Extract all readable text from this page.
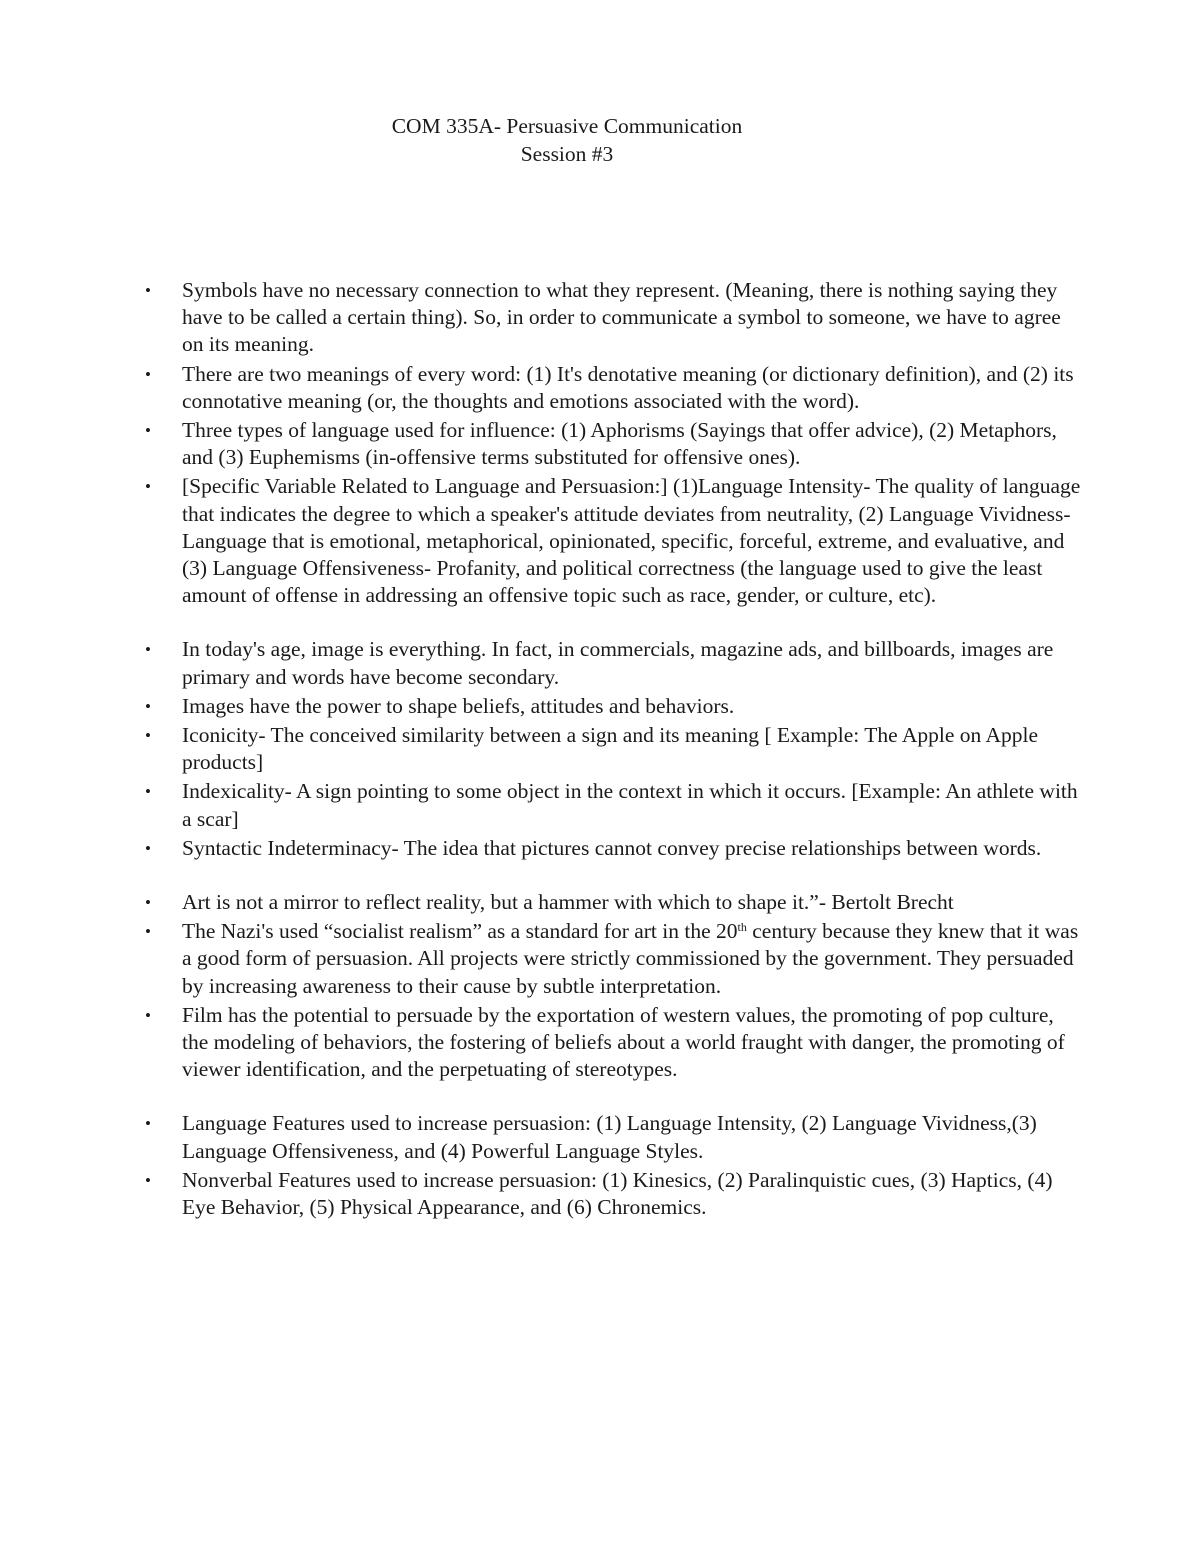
COM 335A- Persuasive Communication
Session #3
• Symbols have no necessary connection to what they represent. (Meaning, there is nothing saying they have to be called a certain thing). So, in order to communicate a symbol to someone, we have to agree on its meaning.
• There are two meanings of every word: (1) It's denotative meaning (or dictionary definition), and (2) its connotative meaning (or, the thoughts and emotions associated with the word).
• Three types of language used for influence: (1) Aphorisms (Sayings that offer advice), (2) Metaphors, and (3) Euphemisms (in-offensive terms substituted for offensive ones).
• [Specific Variable Related to Language and Persuasion:] (1)Language Intensity- The quality of language that indicates the degree to which a speaker's attitude deviates from neutrality, (2) Language Vividness- Language that is emotional, metaphorical, opinionated, specific, forceful, extreme, and evaluative, and (3) Language Offensiveness- Profanity, and political correctness (the language used to give the least amount of offense in addressing an offensive topic such as race, gender, or culture, etc).
• In today's age, image is everything. In fact, in commercials, magazine ads, and billboards, images are primary and words have become secondary.
• Images have the power to shape beliefs, attitudes and behaviors.
• Iconicity- The conceived similarity between a sign and its meaning [ Example: The Apple on Apple products]
• Indexicality- A sign pointing to some object in the context in which it occurs. [Example: An athlete with a scar]
• Syntactic Indeterminacy- The idea that pictures cannot convey precise relationships between words.
• Art is not a mirror to reflect reality, but a hammer with which to shape it.”- Bertolt Brecht
• The Nazi's used “socialist realism” as a standard for art in the 20th century because they knew that it was a good form of persuasion. All projects were strictly commissioned by the government. They persuaded by increasing awareness to their cause by subtle interpretation.
• Film has the potential to persuade by the exportation of western values, the promoting of pop culture, the modeling of behaviors, the fostering of beliefs about a world fraught with danger, the promoting of viewer identification, and the perpetuating of stereotypes.
• Language Features used to increase persuasion: (1) Language Intensity, (2) Language Vividness,(3) Language Offensiveness, and (4) Powerful Language Styles.
• Nonverbal Features used to increase persuasion: (1) Kinesics, (2) Paralinquistic cues, (3) Haptics, (4) Eye Behavior, (5) Physical Appearance, and (6) Chronemics.
